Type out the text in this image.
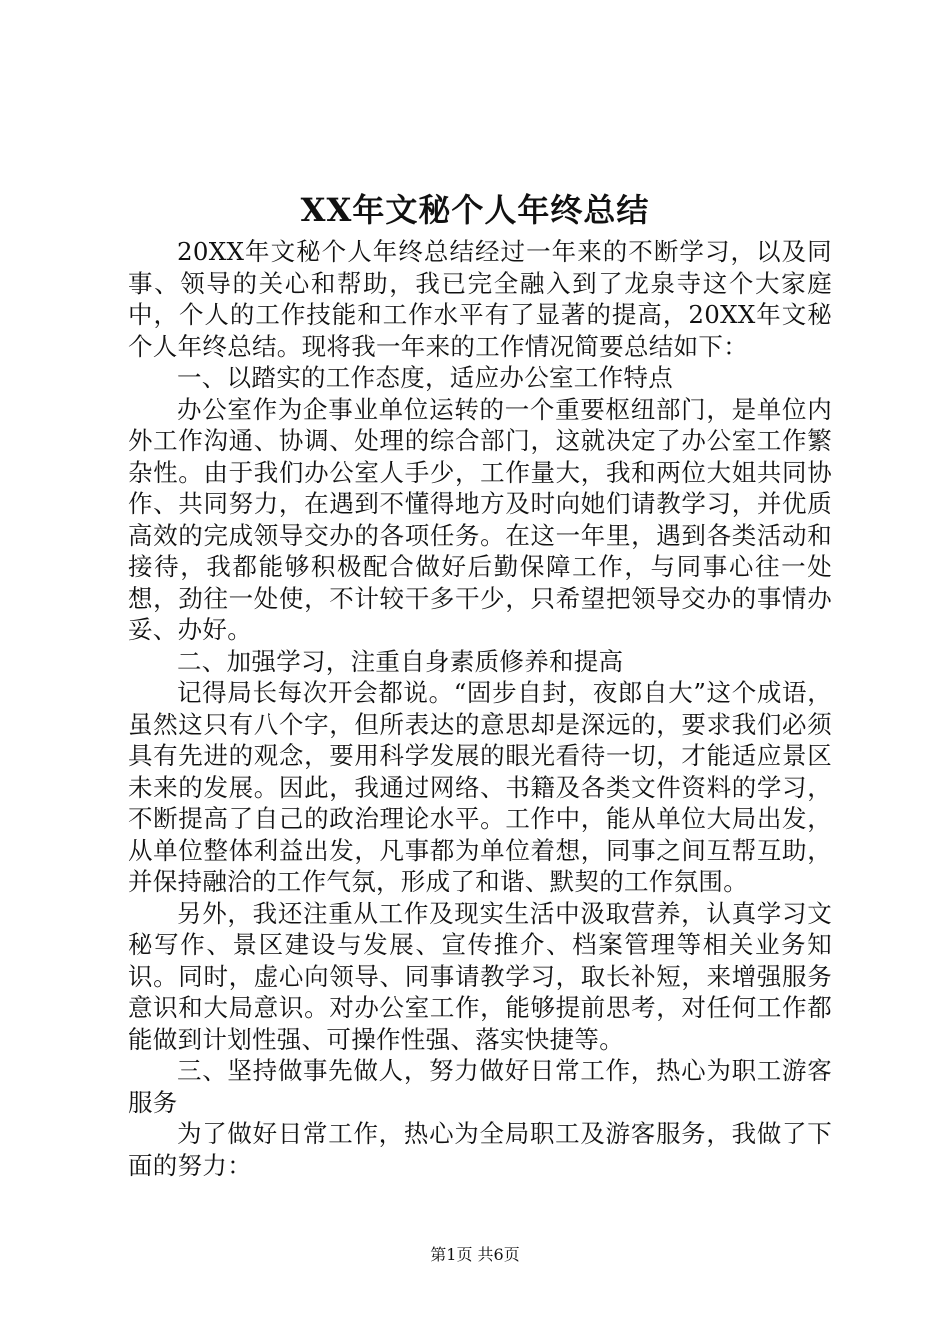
XX年文秘个人年终总结

20XX年文秘个人年终总结经过一年来的不断学习，以及同事、领导的关心和帮助，我已完全融入到了龙泉寺这个大家庭中，个人的工作技能和工作水平有了显著的提高，20XX年文秘个人年终总结。现将我一年来的工作情况简要总结如下：

一、以踏实的工作态度，适应办公室工作特点

办公室作为企事业单位运转的一个重要枢纽部门，是单位内外工作沟通、协调、处理的综合部门，这就决定了办公室工作繁杂性。由于我们办公室人手少，工作量大，我和两位大姐共同协作、共同努力，在遇到不懂得地方及时向她们请教学习，并优质高效的完成领导交办的各项任务。在这一年里，遇到各类活动和接待，我都能够积极配合做好后勤保障工作，与同事心往一处想，劲往一处使，不计较干多干少，只希望把领导交办的事情办妥、办好。

二、加强学习，注重自身素质修养和提高

记得局长每次开会都说。“固步自封，夜郎自大”这个成语，虽然这只有八个字，但所表达的意思却是深远的，要求我们必须具有先进的观念，要用科学发展的眼光看待一切，才能适应景区未来的发展。因此，我通过网络、书籍及各类文件资料的学习，不断提高了自己的政治理论水平。工作中，能从单位大局出发，从单位整体利益出发，凡事都为单位着想，同事之间互帮互助，并保持融洽的工作气氛，形成了和谐、默契的工作氛围。

另外，我还注重从工作及现实生活中汲取营养，认真学习文秘写作、景区建设与发展、宣传推介、档案管理等相关业务知识。同时，虚心向领导、同事请教学习，取长补短，来增强服务意识和大局意识。对办公室工作，能够提前思考，对任何工作都能做到计划性强、可操作性强、落实快捷等。

三、坚持做事先做人，努力做好日常工作，热心为职工游客服务

为了做好日常工作，热心为全局职工及游客服务，我做了下面的努力：

第1页 共6页
